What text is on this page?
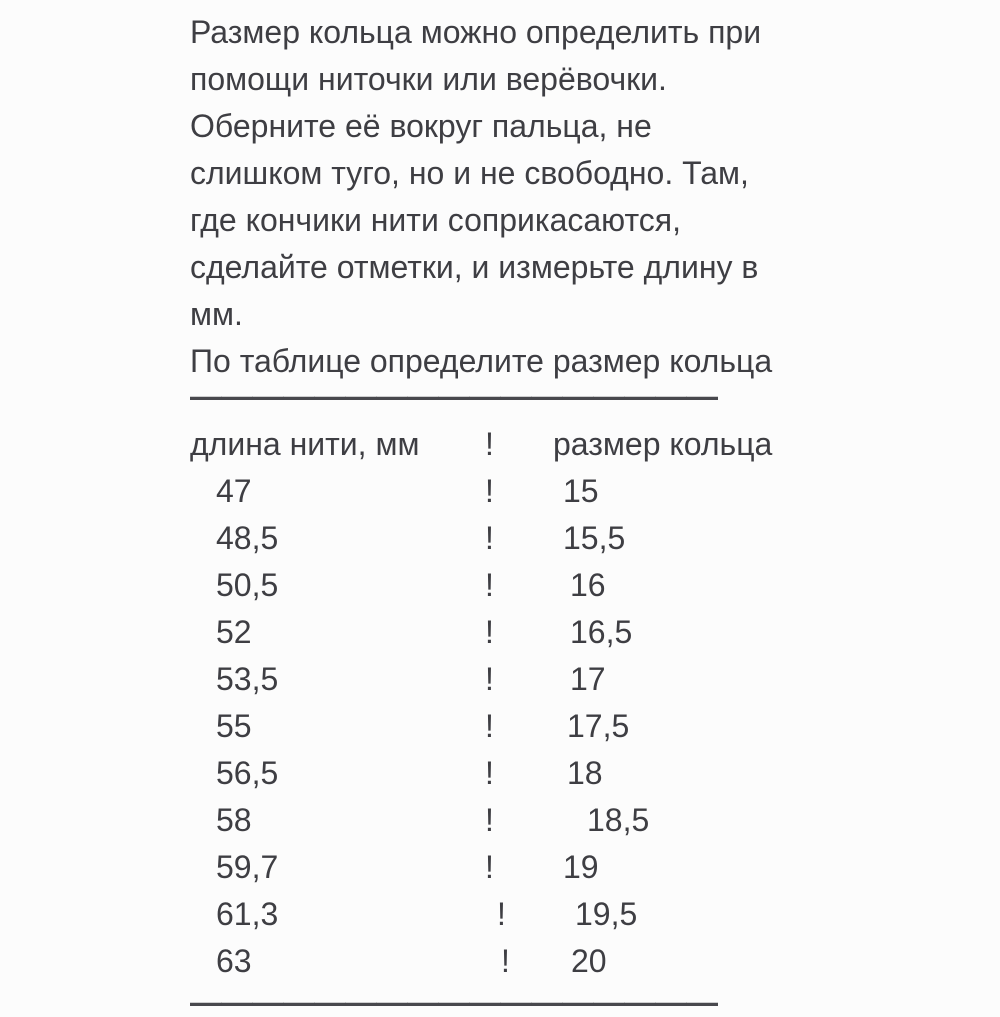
Размер кольца можно определить при
помощи ниточки или верёвочки.
Оберните её вокруг пальца, не
слишком туго, но и не свободно. Там,
где кончики нити соприкасаются,
сделайте отметки, и измерьте длину в
мм.
По таблице определите размер кольца
—————————————————
длина нити, мм	!	размер кольца
47	!	15
48,5	!	15,5
50,5	!	16
52	!	16,5
53,5	!	17
55	!	17,5
56,5	!	18
58	!	18,5
59,7	!	19
61,3	!	19,5
63	!	20
—————————————————
